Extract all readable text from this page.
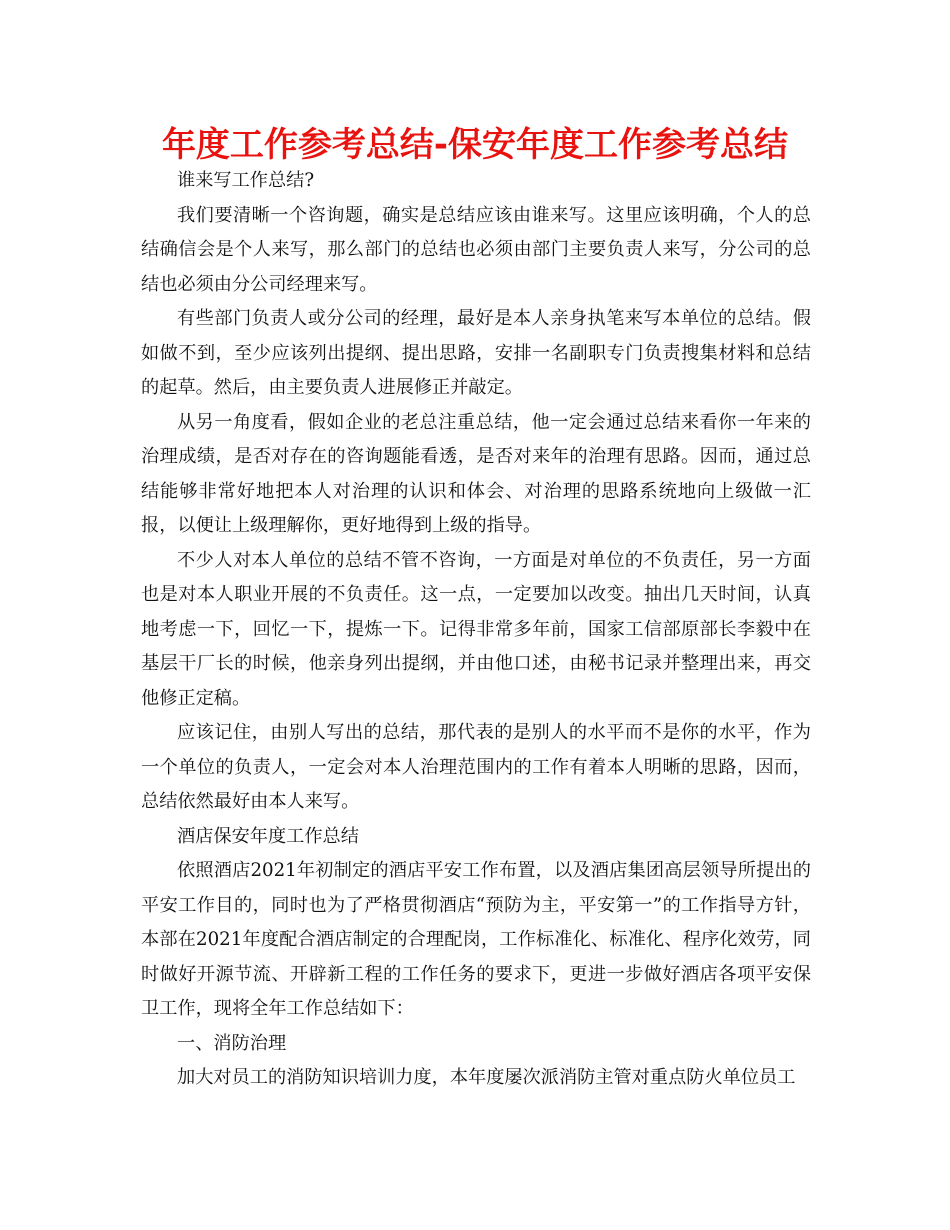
年度工作参考总结-保安年度工作参考总结

谁来写工作总结?

我们要清晰一个咨询题，确实是总结应该由谁来写。这里应该明确，个人的总结确信会是个人来写，那么部门的总结也必须由部门主要负责人来写，分公司的总结也必须由分公司经理来写。

有些部门负责人或分公司的经理，最好是本人亲身执笔来写本单位的总结。假如做不到，至少应该列出提纲、提出思路，安排一名副职专门负责搜集材料和总结的起草。然后，由主要负责人进展修正并敲定。

从另一角度看，假如企业的老总注重总结，他一定会通过总结来看你一年来的治理成绩，是否对存在的咨询题能看透，是否对来年的治理有思路。因而，通过总结能够非常好地把本人对治理的认识和体会、对治理的思路系统地向上级做一汇报，以便让上级理解你，更好地得到上级的指导。

不少人对本人单位的总结不管不咨询，一方面是对单位的不负责任，另一方面也是对本人职业开展的不负责任。这一点，一定要加以改变。抽出几天时间，认真地考虑一下，回忆一下，提炼一下。记得非常多年前，国家工信部原部长李毅中在基层干厂长的时候，他亲身列出提纲，并由他口述，由秘书记录并整理出来，再交他修正定稿。

应该记住，由别人写出的总结，那代表的是别人的水平而不是你的水平，作为一个单位的负责人，一定会对本人治理范围内的工作有着本人明晰的思路，因而，总结依然最好由本人来写。

酒店保安年度工作总结

依照酒店2021年初制定的酒店平安工作布置，以及酒店集团高层领导所提出的平安工作目的，同时也为了严格贯彻酒店“预防为主，平安第一”的工作指导方针，本部在2021年度配合酒店制定的合理配岗，工作标准化、标准化、程序化效劳，同时做好开源节流、开辟新工程的工作任务的要求下，更进一步做好酒店各项平安保卫工作，现将全年工作总结如下：

一、消防治理

加大对员工的消防知识培训力度，本年度屡次派消防主管对重点防火单位员工
